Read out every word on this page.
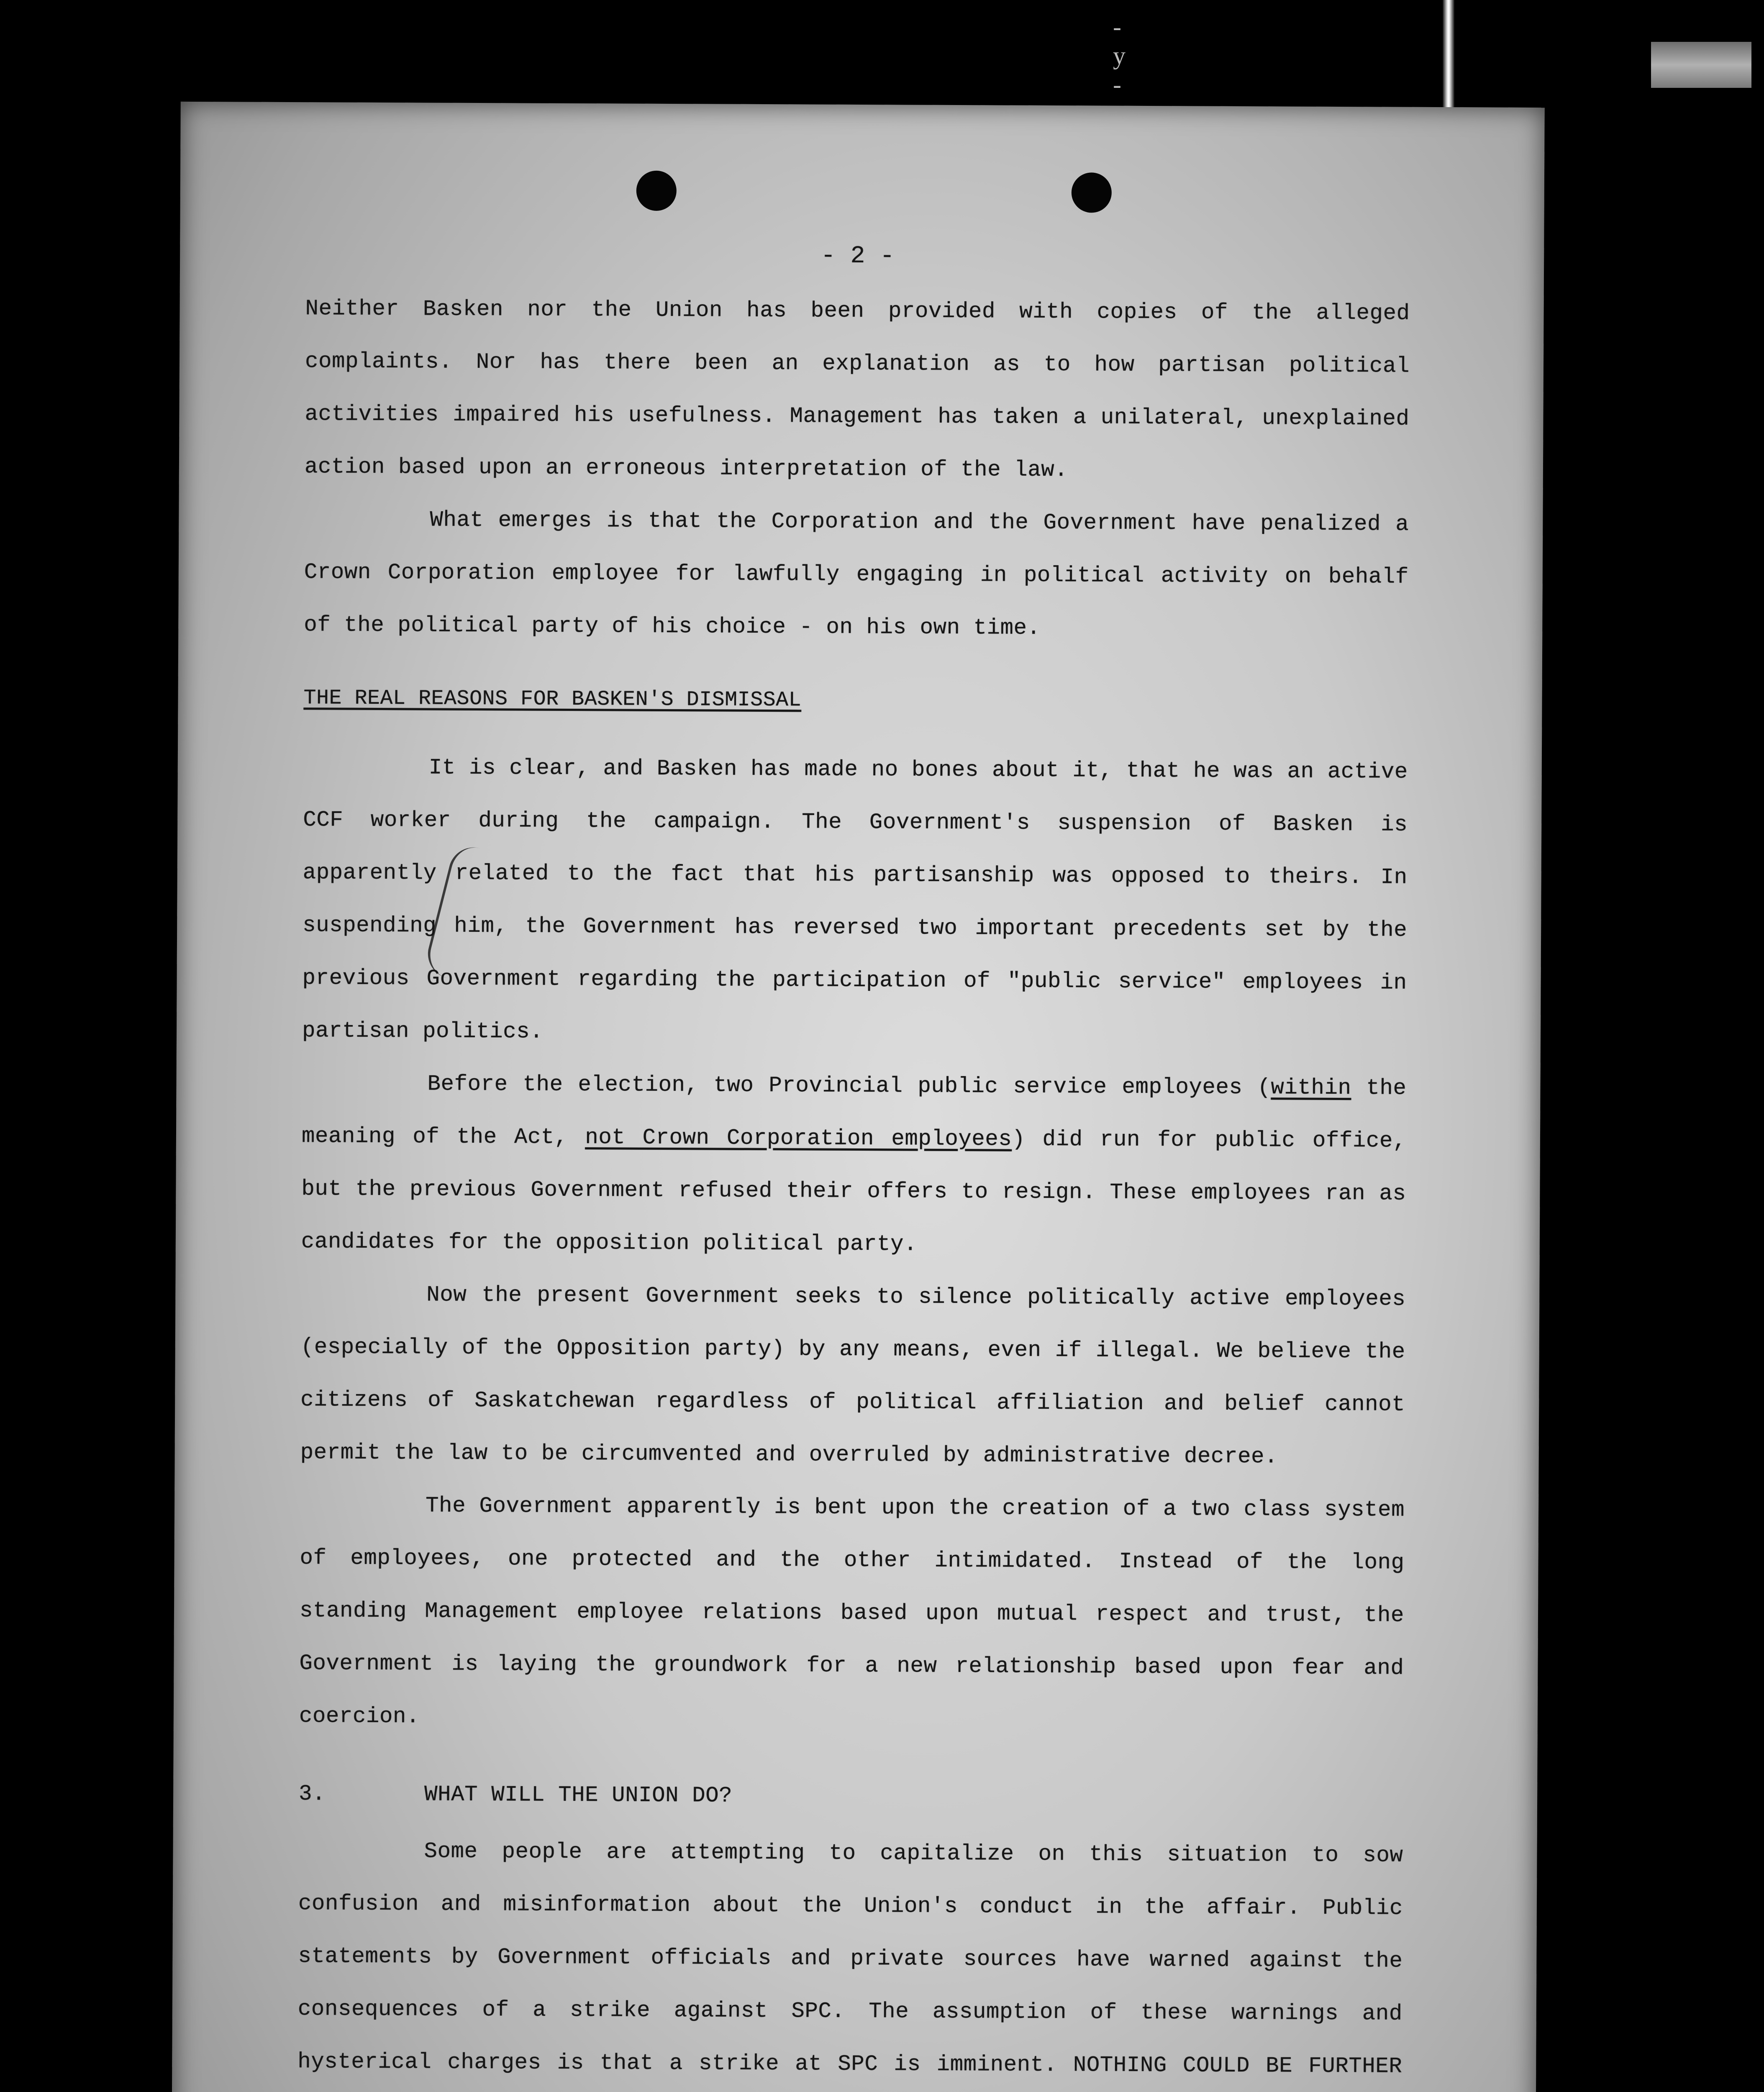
- y -
- 2 -

Neither Basken nor the Union has been provided with copies of the alleged complaints. Nor has there been an explanation as to how partisan political activities impaired his usefulness. Management has taken a unilateral, unexplained action based upon an erroneous interpretation of the law.

What emerges is that the Corporation and the Government have penalized a Crown Corporation employee for lawfully engaging in political activity on behalf of the political party of his choice - on his own time.

THE REAL REASONS FOR BASKEN'S DISMISSAL

It is clear, and Basken has made no bones about it, that he was an active CCF worker during the campaign. The Government's suspension of Basken is apparently related to the fact that his partisanship was opposed to theirs. In suspending him, the Government has reversed two important precedents set by the previous Government regarding the participation of "public service" employees in partisan politics.

Before the election, two Provincial public service employees (within the meaning of the Act, not Crown Corporation employees) did run for public office, but the previous Government refused their offers to resign. These employees ran as candidates for the opposition political party.

Now the present Government seeks to silence politically active employees (especially of the Opposition party) by any means, even if illegal. We believe the citizens of Saskatchewan regardless of political affiliation and belief cannot permit the law to be circumvented and overruled by administrative decree.

The Government apparently is bent upon the creation of a two class system of employees, one protected and the other intimidated. Instead of the long standing Management employee relations based upon mutual respect and trust, the Government is laying the groundwork for a new relationship based upon fear and coercion.

3.	WHAT WILL THE UNION DO?

Some people are attempting to capitalize on this situation to sow confusion and misinformation about the Union's conduct in the affair. Public statements by Government officials and private sources have warned against the consequences of a strike against SPC. The assumption of these warnings and hysterical charges is that a strike at SPC is imminent. NOTHING COULD BE FURTHER
